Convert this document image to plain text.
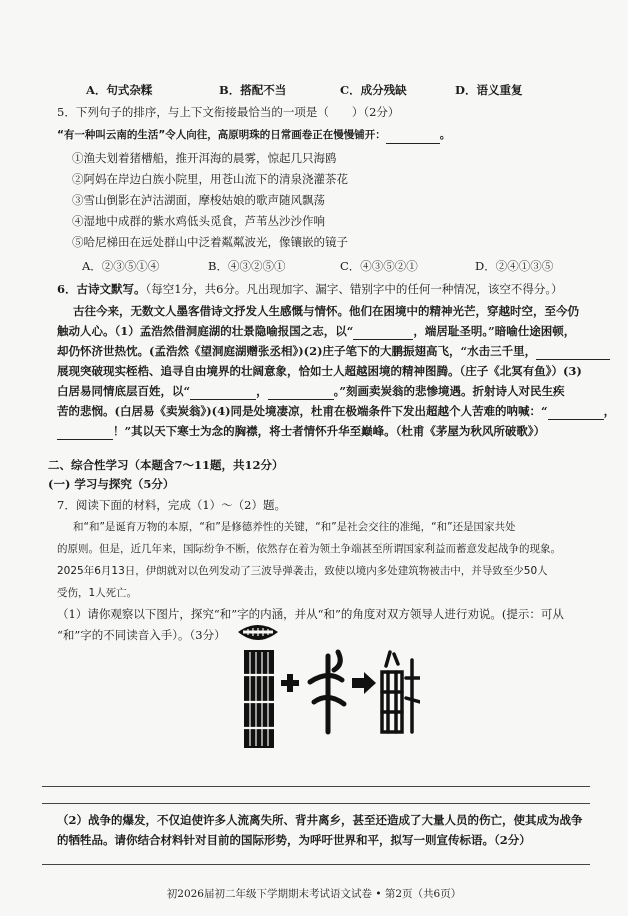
A．句式杂糅	B．搭配不当	C．成分残缺	D．语义重复
5．下列句子的排序，与上下文衔接最恰当的一项是（　　）（2分）
“有一种叫云南的生活”令人向往，高原明珠的日常画卷正在慢慢铺开：	。
①渔夫划着猪槽船，推开洱海的晨雾，惊起几只海鸥
②阿妈在岸边白族小院里，用苍山流下的清泉浇灌茶花
③雪山倒影在泸沽湖面，摩梭姑娘的歌声随风飘荡
④湿地中成群的紫水鸡低头觅食，芦苇丛沙沙作响
⑤哈尼梯田在远处群山中泛着粼粼波光，像镶嵌的镜子
A．②③⑤①④	B．④③②⑤①	C．④③⑤②①	D．②④①③⑤
6．古诗文默写。（每空1分，共6分。凡出现加字、漏字、错别字中的任何一种情况，该空不得分。）
古往今来，无数文人墨客借诗文抒发人生感慨与情怀。他们在困境中的精神光芒，穿越时空，至今仍
触动人心。（1）孟浩然借洞庭湖的壮景隐喻报国之志，以“	，端居耻圣明。”暗喻仕途困顿，
却仍怀济世热忱。(孟浩然《望洞庭湖赠张丞相》)(2)庄子笔下的大鹏振翅高飞，“水击三千里，
展现突破现实桎梏、追寻自由境界的壮阔意象，恰如士人超越困境的精神图腾。（庄子《北冥有鱼》）(3)
白居易同情底层百姓，以“	，	。”刻画卖炭翁的悲惨境遇。折射诗人对民生疾
苦的悲悯。(白居易《卖炭翁》)(4)同是处境凄凉，杜甫在极端条件下发出超越个人苦难的呐喊：“	，
！”其以天下寒士为念的胸襟，将士者情怀升华至巅峰。（杜甫《茅屋为秋风所破歌》）
二、综合性学习（本题含7～11题，共12分）
(一) 学习与探究（5分）
7．阅读下面的材料，完成（1）～（2）题。
和“和”是诞育万物的本原，“和”是修德养性的关键，“和”是社会交往的准绳，“和”还是国家共处
的原则。但是，近几年来，国际纷争不断，依然存在着为领土争端甚至所谓国家利益而蓄意发起战争的现象。
2025年6月13日，伊朗就对以色列发动了三波导弹袭击，致使以境内多处建筑物被击中，并导致至少50人
受伤，1人死亡。
（1）请你观察以下图片，探究“和”字的内涵，并从“和”的角度对双方领导人进行劝说。(提示：可从
“和”字的不同读音入手）。（3分）
（2）战争的爆发，不仅迫使许多人流离失所、背井离乡，甚至还造成了大量人员的伤亡，使其成为战争
的牺牲品。请你结合材料针对目前的国际形势，为呼吁世界和平，拟写一则宣传标语。（2分）
初2026届初二年级下学期期末考试语文试卷 • 第2页（共6页）
